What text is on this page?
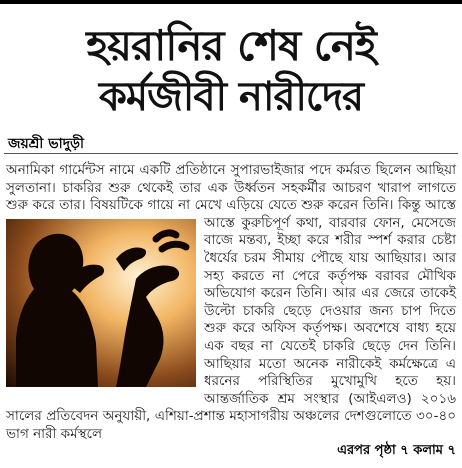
হয়রানির শেষ নেই
কর্মজীবী নারীদের
জয়শ্রী ভাদুড়ী
অনামিকা গার্মেন্টস নামে একটি প্রতিষ্ঠানে সুপারভাইজার পদে কর্মরত ছিলেন আছিয়া সুলতানা। চাকরির শুরু থেকেই তার এক উর্ধ্বতন সহকর্মীর আচরণ খারাপ লাগতে শুরু করে তার। বিষয়টিকে গায়ে না মেখে এড়িয়ে যেতে শুরু করেন তিনি। কিন্তু আস্তে আস্তে কুরুচিপূর্ণ কথা, বারবার ফোন, মেসেজে বাজে মন্তব্য, ইচ্ছা করে শরীর স্পর্শ করার চেষ্টা ধৈর্যের চরম সীমায় পৌছে যায় আছিয়ার। আর সহ্য করতে না পেরে কর্তৃপক্ষ বরাবর মৌখিক অভিযোগ করেন তিনি। আর এর জেরে তাকেই উল্টো চাকরি ছেড়ে দেওয়ার জন্য চাপ দিতে শুরু করে অফিস কর্তৃপক্ষ। অবশেষে বাধ্য হয়ে এক বছর না যেতেই চাকরি ছেড়ে দেন তিনি। আছিয়ার মতো অনেক নারীকেই কর্মক্ষেত্রে এ ধরনের পরিস্থিতির মুখোমুখি হতে হয়। আন্তর্জাতিক শ্রম সংস্থার (আইএলও) ২০১৬ সালের প্রতিবেদন অনুযায়ী, এশিয়া-প্রশান্ত মহাসাগরীয় অঞ্চলের দেশগুলোতে ৩০-৪০ ভাগ নারী কর্মস্থলে
এরপর পৃষ্ঠা ৭ কলাম ৭
